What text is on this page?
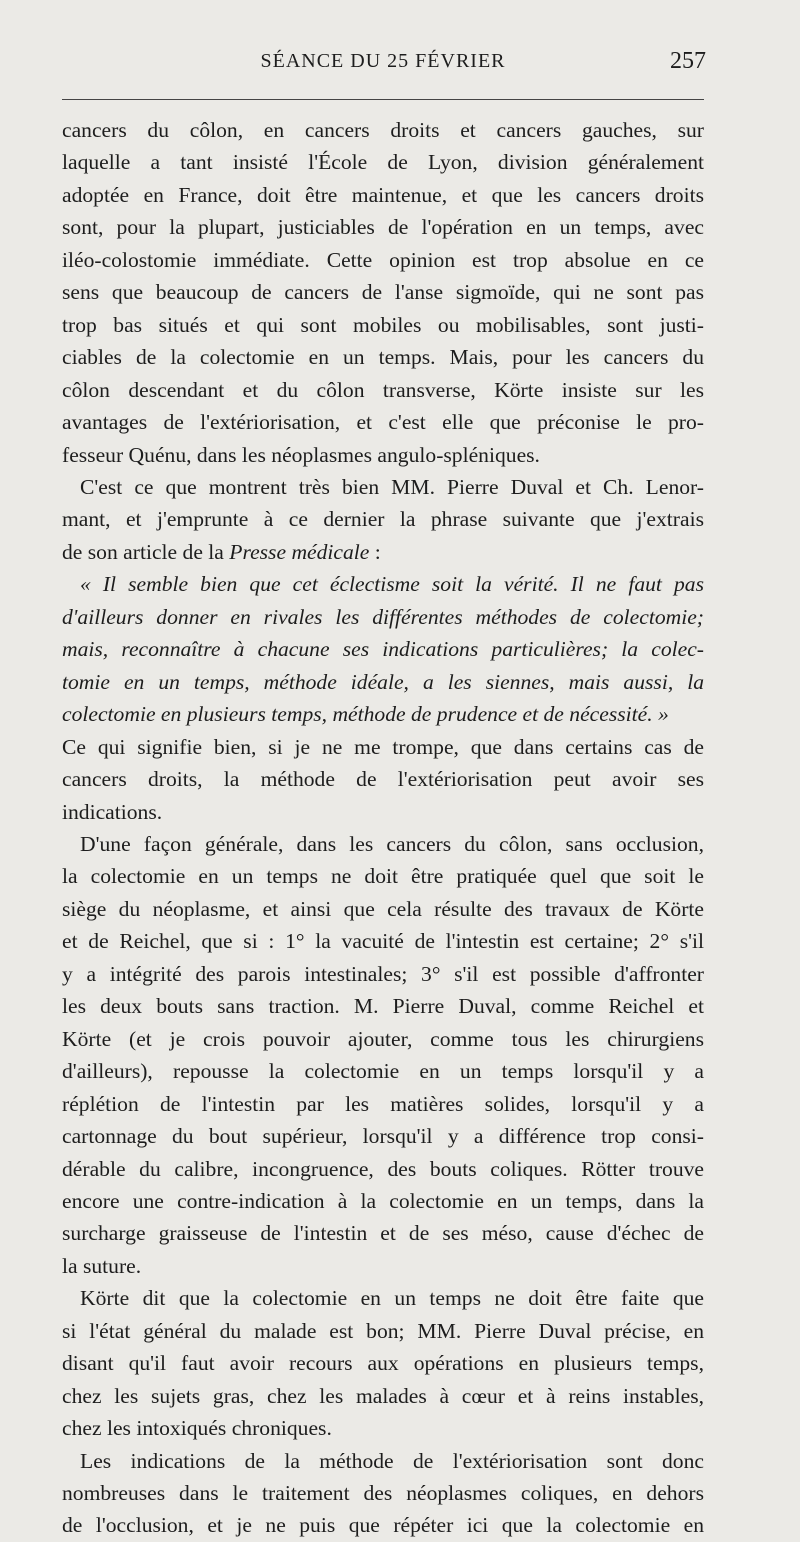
SÉANCE DU 25 FÉVRIER	257

cancers du côlon, en cancers droits et cancers gauches, sur
laquelle a tant insisté l'École de Lyon, division généralement
adoptée en France, doit être maintenue, et que les cancers droits
sont, pour la plupart, justiciables de l'opération en un temps, avec
iléo-colostomie immédiate. Cette opinion est trop absolue en ce
sens que beaucoup de cancers de l'anse sigmoïde, qui ne sont pas
trop bas situés et qui sont mobiles ou mobilisables, sont justi-
ciables de la colectomie en un temps. Mais, pour les cancers du
côlon descendant et du côlon transverse, Körte insiste sur les
avantages de l'extériorisation, et c'est elle que préconise le pro-
fesseur Quénu, dans les néoplasmes angulo-spléniques.

C'est ce que montrent très bien MM. Pierre Duval et Ch. Lenor-
mant, et j'emprunte à ce dernier la phrase suivante que j'extrais
de son article de la Presse médicale :

« Il semble bien que cet éclectisme soit la vérité. Il ne faut pas
d'ailleurs donner en rivales les différentes méthodes de colectomie;
mais, reconnaître à chacune ses indications particulières; la colec-
tomie en un temps, méthode idéale, a les siennes, mais aussi, la
colectomie en plusieurs temps, méthode de prudence et de nécessité. »

Ce qui signifie bien, si je ne me trompe, que dans certains cas de
cancers droits, la méthode de l'extériorisation peut avoir ses
indications.

D'une façon générale, dans les cancers du côlon, sans occlusion,
la colectomie en un temps ne doit être pratiquée quel que soit le
siège du néoplasme, et ainsi que cela résulte des travaux de Körte
et de Reichel, que si : 1° la vacuité de l'intestin est certaine; 2° s'il
y a intégrité des parois intestinales; 3° s'il est possible d'affronter
les deux bouts sans traction. M. Pierre Duval, comme Reichel et
Körte (et je crois pouvoir ajouter, comme tous les chirurgiens
d'ailleurs), repousse la colectomie en un temps lorsqu'il y a
réplétion de l'intestin par les matières solides, lorsqu'il y a
cartonnage du bout supérieur, lorsqu'il y a différence trop consi-
dérable du calibre, incongruence, des bouts coliques. Rötter trouve
encore une contre-indication à la colectomie en un temps, dans la
surcharge graisseuse de l'intestin et de ses méso, cause d'échec de
la suture.

Körte dit que la colectomie en un temps ne doit être faite que
si l'état général du malade est bon; MM. Pierre Duval précise, en
disant qu'il faut avoir recours aux opérations en plusieurs temps,
chez les sujets gras, chez les malades à cœur et à reins instables,
chez les intoxiqués chroniques.

Les indications de la méthode de l'extériorisation sont donc
nombreuses dans le traitement des néoplasmes coliques, en dehors
de l'occlusion, et je ne puis que répéter ici que la colectomie en
